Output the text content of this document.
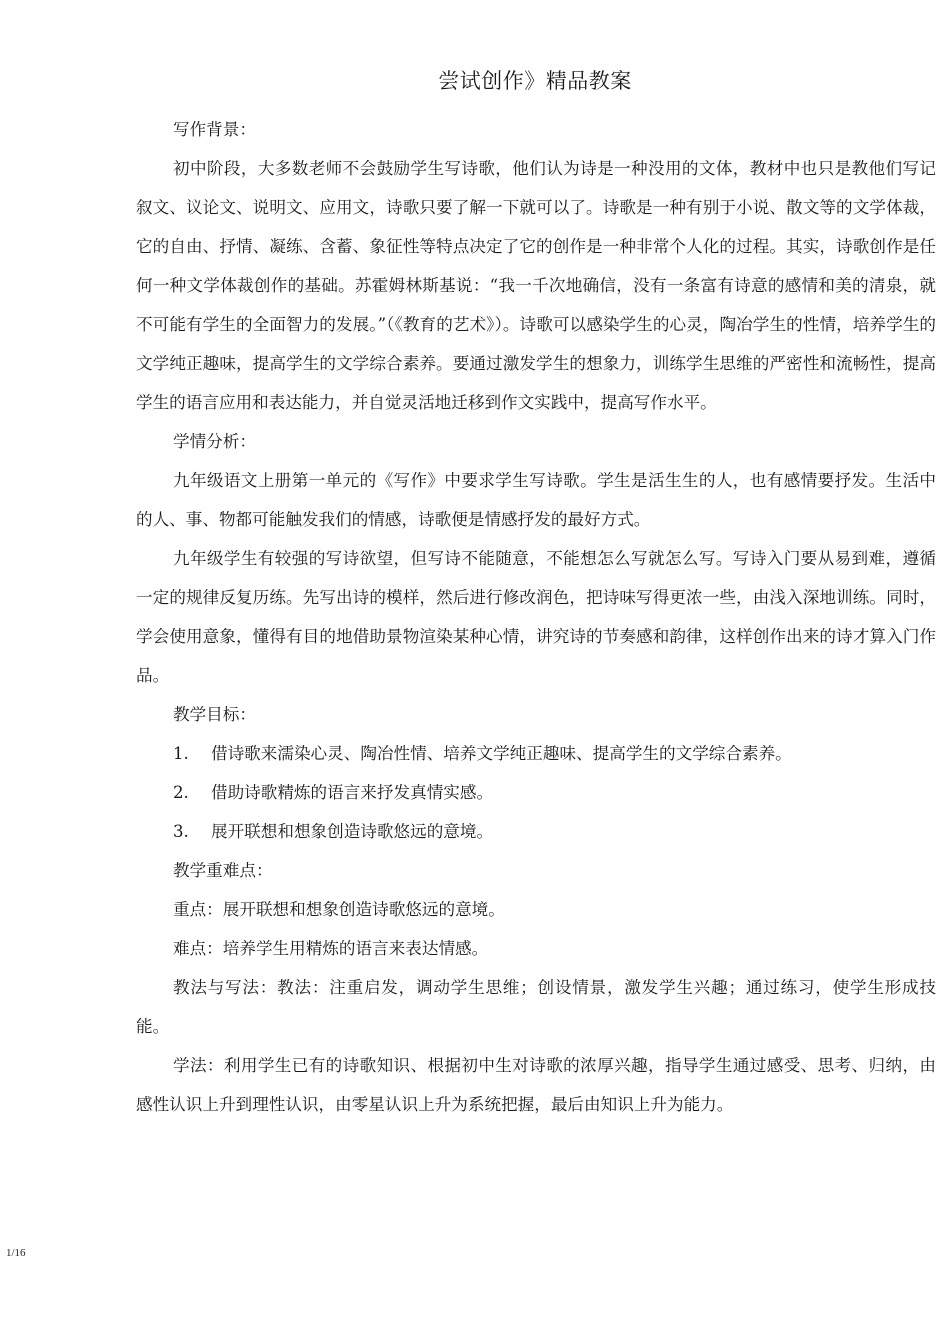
尝试创作》精品教案

写作背景：

初中阶段，大多数老师不会鼓励学生写诗歌，他们认为诗是一种没用的文体，教材中也只是教他们写记叙文、议论文、说明文、应用文，诗歌只要了解一下就可以了。诗歌是一种有别于小说、散文等的文学体裁，它的自由、抒情、凝练、含蓄、象征性等特点决定了它的创作是一种非常个人化的过程。其实，诗歌创作是任何一种文学体裁创作的基础。苏霍姆林斯基说：“我一千次地确信，没有一条富有诗意的感情和美的清泉，就不可能有学生的全面智力的发展。”（《教育的艺术》）。诗歌可以感染学生的心灵，陶冶学生的性情，培养学生的文学纯正趣味，提高学生的文学综合素养。要通过激发学生的想象力，训练学生思维的严密性和流畅性，提高学生的语言应用和表达能力，并自觉灵活地迁移到作文实践中，提高写作水平。

学情分析：

九年级语文上册第一单元的《写作》中要求学生写诗歌。学生是活生生的人，也有感情要抒发。生活中的人、事、物都可能触发我们的情感，诗歌便是情感抒发的最好方式。

九年级学生有较强的写诗欲望，但写诗不能随意，不能想怎么写就怎么写。写诗入门要从易到难，遵循一定的规律反复历练。先写出诗的模样，然后进行修改润色，把诗味写得更浓一些，由浅入深地训练。同时，学会使用意象，懂得有目的地借助景物渲染某种心情，讲究诗的节奏感和韵律，这样创作出来的诗才算入门作品。

教学目标：

1. 借诗歌来濡染心灵、陶冶性情、培养文学纯正趣味、提高学生的文学综合素养。

2. 借助诗歌精炼的语言来抒发真情实感。

3. 展开联想和想象创造诗歌悠远的意境。

教学重难点：

重点：展开联想和想象创造诗歌悠远的意境。

难点：培养学生用精炼的语言来表达情感。

教法与写法：教法：注重启发，调动学生思维；创设情景，激发学生兴趣；通过练习，使学生形成技能。

学法：利用学生已有的诗歌知识、根据初中生对诗歌的浓厚兴趣，指导学生通过感受、思考、归纳，由感性认识上升到理性认识，由零星认识上升为系统把握，最后由知识上升为能力。

1/16
